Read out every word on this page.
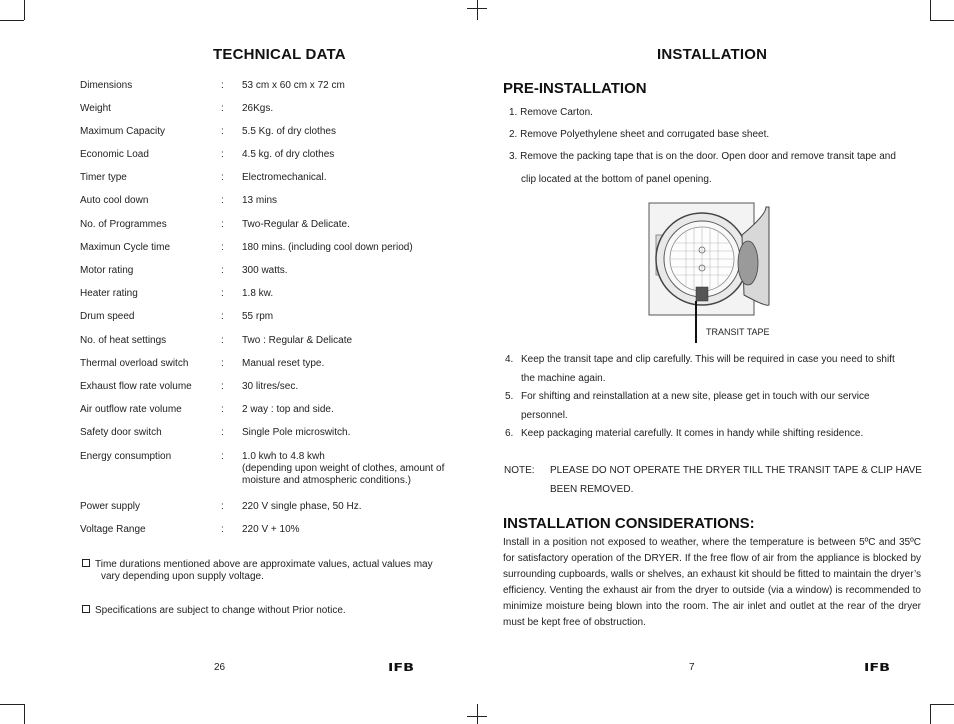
TECHNICAL DATA
Dimensions	: 53 cm x 60 cm x 72 cm
Weight	: 26Kgs.
Maximum Capacity	: 5.5 Kg. of dry clothes
Economic Load	: 4.5 kg. of dry clothes
Timer type	: Electromechanical.
Auto cool down	: 13 mins
No. of Programmes	: Two-Regular & Delicate.
Maximun Cycle time	: 180 mins. (including cool down period)
Motor rating	: 300 watts.
Heater rating	: 1.8 kw.
Drum speed	: 55 rpm
No. of heat settings	: Two : Regular & Delicate
Thermal overload switch	: Manual reset type.
Exhaust flow rate volume	: 30 litres/sec.
Air outflow rate volume	: 2 way : top and side.
Safety door switch	: Single Pole microswitch.
Energy consumption	: 1.0 kwh to 4.8 kwh
(depending upon weight of clothes, amount of moisture and atmospheric conditions.)
Power supply	: 220 V single phase, 50 Hz.
Voltage Range	: 220 V + 10%
Time durations mentioned above are approximate values, actual values may
vary depending upon supply voltage.
Specifications are subject to change without Prior notice.
26	IFB
INSTALLATION
PRE-INSTALLATION
1. Remove Carton.
2. Remove Polyethylene sheet and corrugated base sheet.
3. Remove the packing tape that is on the door. Open door and remove transit tape and
clip located at the bottom of panel opening.
TRANSIT TAPE
4. Keep the transit tape and clip carefully. This will be required in case you need to shift
the machine again.
5. For shifting and reinstallation at a new site, please get in touch with our service
personnel.
6. Keep packaging material carefully. It comes in handy while shifting residence.
NOTE: PLEASE DO NOT OPERATE THE DRYER TILL THE TRANSIT TAPE & CLIP HAVE
BEEN REMOVED.
INSTALLATION CONSIDERATIONS:
Install in a position not exposed to weather, where the temperature is between 5ºC and 35ºC for satisfactory operation of the DRYER. If the free flow of air from the appliance is blocked by surrounding cupboards, walls or shelves, an exhaust kit should be fitted to maintain the dryer’s efficiency. Venting the exhaust air from the dryer to outside (via a window) is recommended to minimize moisture being blown into the room. The air inlet and outlet at the rear of the dryer must be kept free of obstruction.
7	IFB
